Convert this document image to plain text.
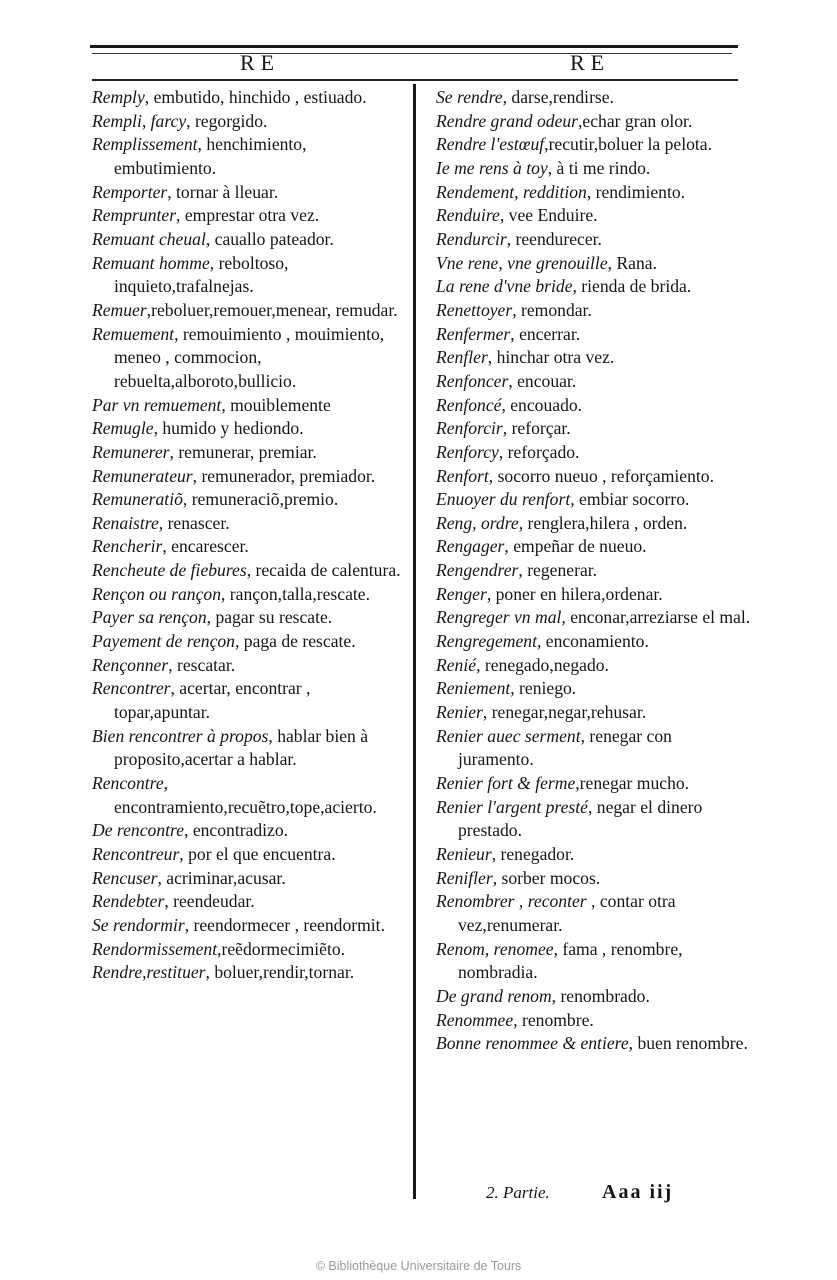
RE	RE

Remply, embutido, hinchido , estiuado.

Rempli, farcy, regorgido.

Remplissement, henchimiento, embutimiento.

Remporter, tornar à lleuar.

Remprunter, emprestar otra vez.

Remuant cheual, cauallo pateador.

Remuant homme, reboltoso, inquieto,trafalnejas.

Remuer,reboluer,remouer,menear, remudar.

Remuement, remouimiento , mouimiento, meneo , commocion, rebuelta,alboroto,bullicio.

Par vn remuement, mouiblemente

Remugle, humido y hediondo.

Remunerer, remunerar, premiar.

Remunerateur, remunerador, premiador.

Remuneratiõ, remuneraciõ,premio.

Renaistre, renascer.

Rencherir, encarescer.

Rencheute de fiebures, recaida de calentura.

Rençon ou rançon, rançon,talla,rescate.

Payer sa rençon, pagar su rescate.

Payement de rençon, paga de rescate.

Rençonner, rescatar.

Rencontrer, acertar, encontrar , topar,apuntar.

Bien rencontrer à propos, hablar bien à proposito,acertar a hablar.

Rencontre, encontramiento,recuẽtro,tope,acierto.

De rencontre, encontradizo.

Rencontreur, por el que encuentra.

Rencuser, acriminar,acusar.

Rendebter, reendeudar.

Se rendormir, reendormecer , reendormit.

Rendormissement,reẽdormecimiẽto.

Rendre,restituer, boluer,rendir,tornar.

Se rendre, darse,rendirse.

Rendre grand odeur,echar gran olor.

Rendre l'estœuf,recutir,boluer la pelota.

Ie me rens à toy, à ti me rindo.

Rendement, reddition, rendimiento.

Renduire, vee Enduire.

Rendurcir, reendurecer.

Vne rene, vne grenouille, Rana.

La rene d'vne bride, rienda de brida.

Renettoyer, remondar.

Renfermer, encerrar.

Renfler, hinchar otra vez.

Renfoncer, encouar.

Renfoncé, encouado.

Renforcir, reforçar.

Renforcy, reforçado.

Renfort, socorro nueuo , reforçamiento.

Enuoyer du renfort, embiar socorro.

Reng, ordre, renglera,hilera , orden.

Rengager, empeñar de nueuo.

Rengendrer, regenerar.

Renger, poner en hilera,ordenar.

Rengreger vn mal, enconar,arreziarse el mal.

Rengregement, enconamiento.

Renié, renegado,negado.

Reniement, reniego.

Renier, renegar,negar,rehusar.

Renier auec serment, renegar con juramento.

Renier fort & ferme,renegar mucho.

Renier l'argent presté, negar el dinero prestado.

Renieur, renegador.

Renifler, sorber mocos.

Renombrer , reconter , contar otra vez,renumerar.

Renom, renomee, fama , renombre, nombradia.

De grand renom, renombrado.

Renommee, renombre.

Bonne renommee & entiere, buen renombre.

2. Partie.	Aaa iij
© Bibliothèque Universitaire de Tours
